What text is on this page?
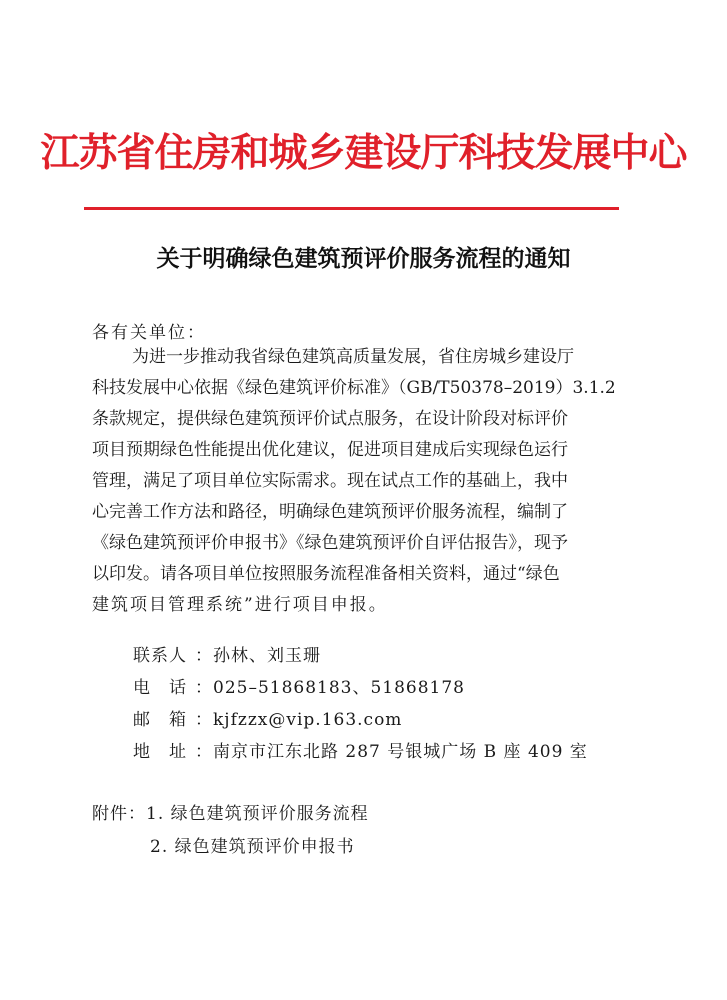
江苏省住房和城乡建设厅科技发展中心
关于明确绿色建筑预评价服务流程的通知
各有关单位：
为进一步推动我省绿色建筑高质量发展，省住房城乡建设厅
科技发展中心依据《绿色建筑评价标准》（GB/T50378–2019）3.1.2
条款规定，提供绿色建筑预评价试点服务，在设计阶段对标评价
项目预期绿色性能提出优化建议，促进项目建成后实现绿色运行
管理，满足了项目单位实际需求。现在试点工作的基础上，我中
心完善工作方法和路径，明确绿色建筑预评价服务流程，编制了
《绿色建筑预评价申报书》《绿色建筑预评价自评估报告》，现予
以印发。请各项目单位按照服务流程准备相关资料，通过“绿色
建筑项目管理系统”进行项目申报。
联系人 ： 孙林、刘玉珊
电　话 ： 025–51868183、51868178
邮　箱 ： kjfzzx@vip.163.com
地　址 ： 南京市江东北路 287 号银城广场 B 座 409 室
附件：1. 绿色建筑预评价服务流程
2. 绿色建筑预评价申报书
